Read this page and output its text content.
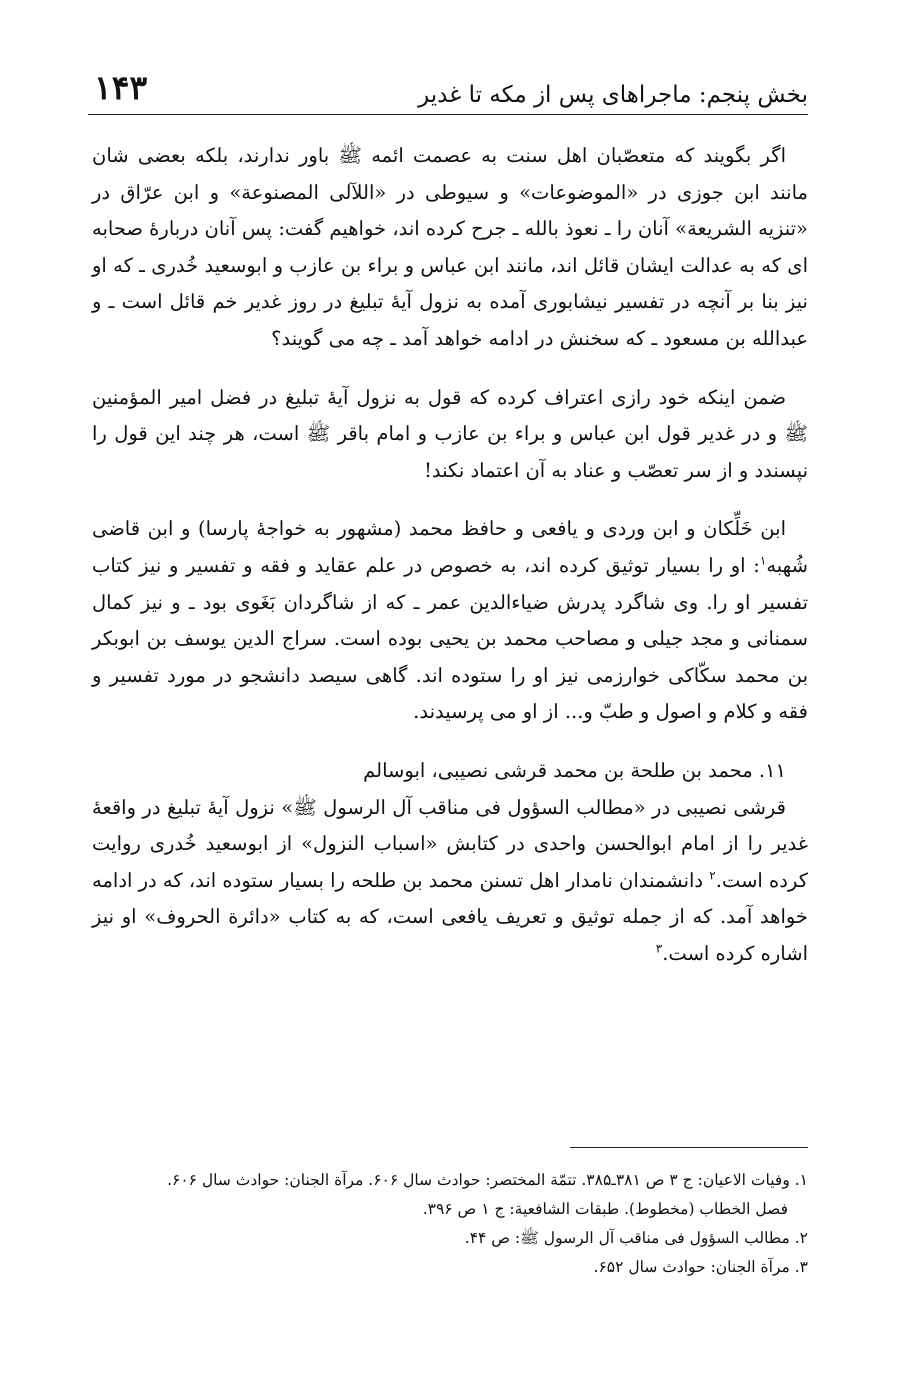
بخش پنجم: ماجراهای پس از مکه تا غدیر
۱۴۳

اگر بگویند که متعصّبان اهل سنت به عصمت ائمه ﷺ باور ندارند، بلکه بعضی شان مانند ابن جوزی در «الموضوعات» و سیوطی در «اللآلی المصنوعة» و ابن عرّاق در «تنزیه الشریعة» آنان را ـ نعوذ بالله ـ جرح کرده اند، خواهیم گفت: پس آنان دربارهٔ صحابه ای که به عدالت ایشان قائل اند، مانند ابن عباس و براء بن عازب و ابوسعید خُدری ـ که او نیز بنا بر آنچه در تفسیر نیشابوری آمده به نزول آیهٔ تبلیغ در روز غدیر خم قائل است ـ و عبدالله بن مسعود ـ که سخنش در ادامه خواهد آمد ـ چه می گویند؟

ضمن اینکه خود رازی اعتراف کرده که قول به نزول آیهٔ تبلیغ در فضل امیر المؤمنین ﷺ و در غدیر قول ابن عباس و براء بن عازب و امام باقر ﷺ است، هر چند این قول را نپسندد و از سر تعصّب و عناد به آن اعتماد نکند!

ابن خَلِّکان و ابن وردی و یافعی و حافظ محمد (مشهور به خواجهٔ پارسا) و ابن قاضی شُهبه$^۱$: او را بسیار توثیق کرده اند، به خصوص در علم عقاید و فقه و تفسیر و نیز کتاب تفسیر او را. وی شاگرد پدرش ضیاءالدین عمر ـ که از شاگردان بَغَوی بود ـ و نیز کمال سمنانی و مجد جیلی و مصاحب محمد بن یحیی بوده است. سراج الدین یوسف بن ابوبکر بن محمد سکّاکی خوارزمی نیز او را ستوده اند. گاهی سیصد دانشجو در مورد تفسیر و فقه و کلام و اصول و طبّ و... از او می پرسیدند.

۱۱. محمد بن طلحة بن محمد قرشی نصیبی، ابوسالم

قرشی نصیبی در «مطالب السؤول فی مناقب آل الرسول ﷺ» نزول آیهٔ تبلیغ در واقعهٔ غدیر را از امام ابوالحسن واحدی در کتابش «اسباب النزول» از ابوسعید خُدری روایت کرده است.$^۲$ دانشمندان نامدار اهل تسنن محمد بن طلحه را بسیار ستوده اند، که در ادامه خواهد آمد. که از جمله توثیق و تعریف یافعی است، که به کتاب «دائرة الحروف» او نیز اشاره کرده است.$^۳$

۱. وفیات الاعیان: ج ۳ ص ۳۸۱ـ۳۸۵. تتمّة المختصر: حوادث سال ۶۰۶. مرآة الجنان: حوادث سال ۶۰۶.

فصل الخطاب (مخطوط). طبقات الشافعیة: ج ۱ ص ۳۹۶.

۲. مطالب السؤول فی مناقب آل الرسول ﷺ: ص ۴۴.

۳. مرآة الجنان: حوادث سال ۶۵۲.
